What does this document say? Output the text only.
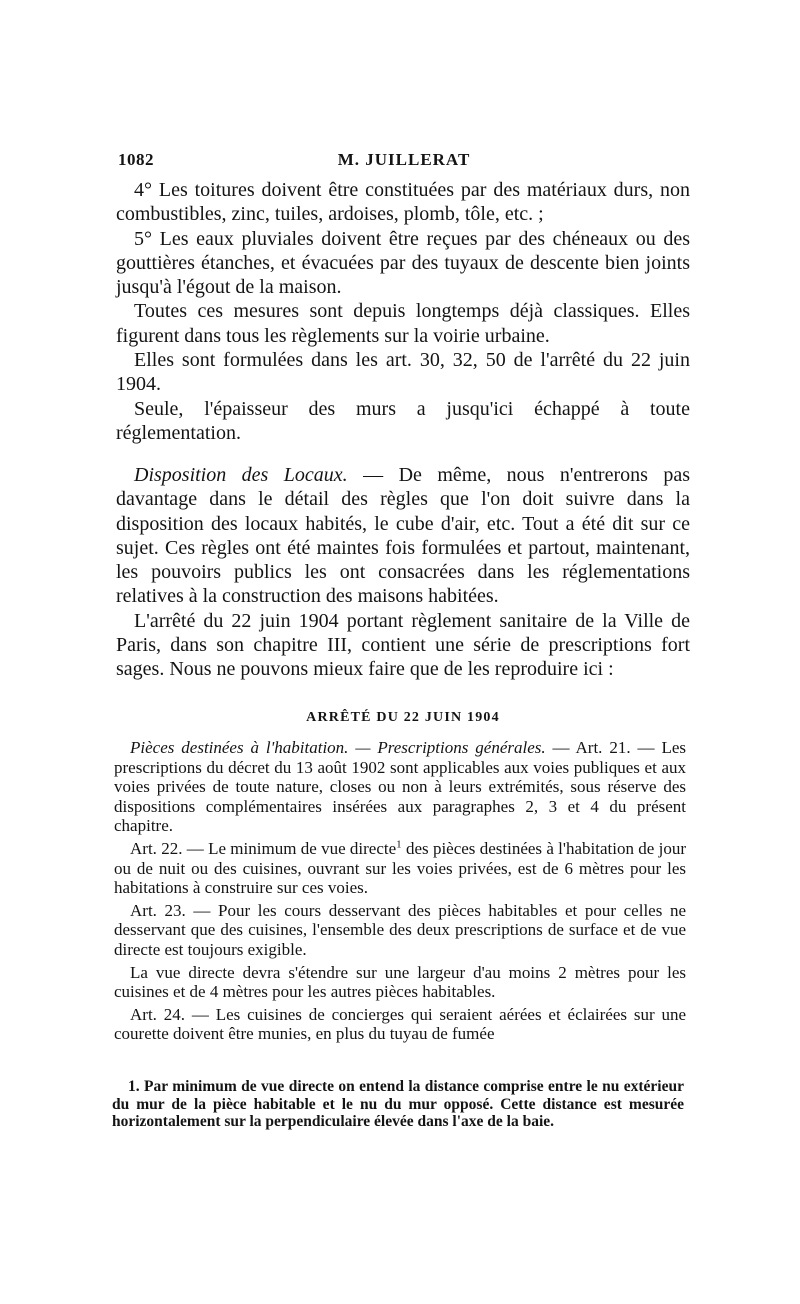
1082	M. JUILLERAT

4° Les toitures doivent être constituées par des matériaux durs, non combustibles, zinc, tuiles, ardoises, plomb, tôle, etc. ;

5° Les eaux pluviales doivent être reçues par des chéneaux ou des gouttières étanches, et évacuées par des tuyaux de descente bien joints jusqu'à l'égout de la maison.

Toutes ces mesures sont depuis longtemps déjà classiques. Elles figurent dans tous les règlements sur la voirie urbaine.

Elles sont formulées dans les art. 30, 32, 50 de l'arrêté du 22 juin 1904.

Seule, l'épaisseur des murs a jusqu'ici échappé à toute réglementation.

Disposition des Locaux. — De même, nous n'entrerons pas davantage dans le détail des règles que l'on doit suivre dans la disposition des locaux habités, le cube d'air, etc. Tout a été dit sur ce sujet. Ces règles ont été maintes fois formulées et partout, maintenant, les pouvoirs publics les ont consacrées dans les réglementations relatives à la construction des maisons habitées.

L'arrêté du 22 juin 1904 portant règlement sanitaire de la Ville de Paris, dans son chapitre III, contient une série de prescriptions fort sages. Nous ne pouvons mieux faire que de les reproduire ici :

ARRÊTÉ DU 22 JUIN 1904

Pièces destinées à l'habitation. — Prescriptions générales. — Art. 21. — Les prescriptions du décret du 13 août 1902 sont applicables aux voies publiques et aux voies privées de toute nature, closes ou non à leurs extrémités, sous réserve des dispositions complémentaires insérées aux paragraphes 2, 3 et 4 du présent chapitre.

Art. 22. — Le minimum de vue directe$^1$ des pièces destinées à l'habitation de jour ou de nuit ou des cuisines, ouvrant sur les voies privées, est de 6 mètres pour les habitations à construire sur ces voies.

Art. 23. — Pour les cours desservant des pièces habitables et pour celles ne desservant que des cuisines, l'ensemble des deux prescriptions de surface et de vue directe est toujours exigible.

La vue directe devra s'étendre sur une largeur d'au moins 2 mètres pour les cuisines et de 4 mètres pour les autres pièces habitables.

Art. 24. — Les cuisines de concierges qui seraient aérées et éclairées sur une courette doivent être munies, en plus du tuyau de fumée

1. Par minimum de vue directe on entend la distance comprise entre le nu extérieur du mur de la pièce habitable et le nu du mur opposé. Cette distance est mesurée horizontalement sur la perpendiculaire élevée dans l'axe de la baie.
